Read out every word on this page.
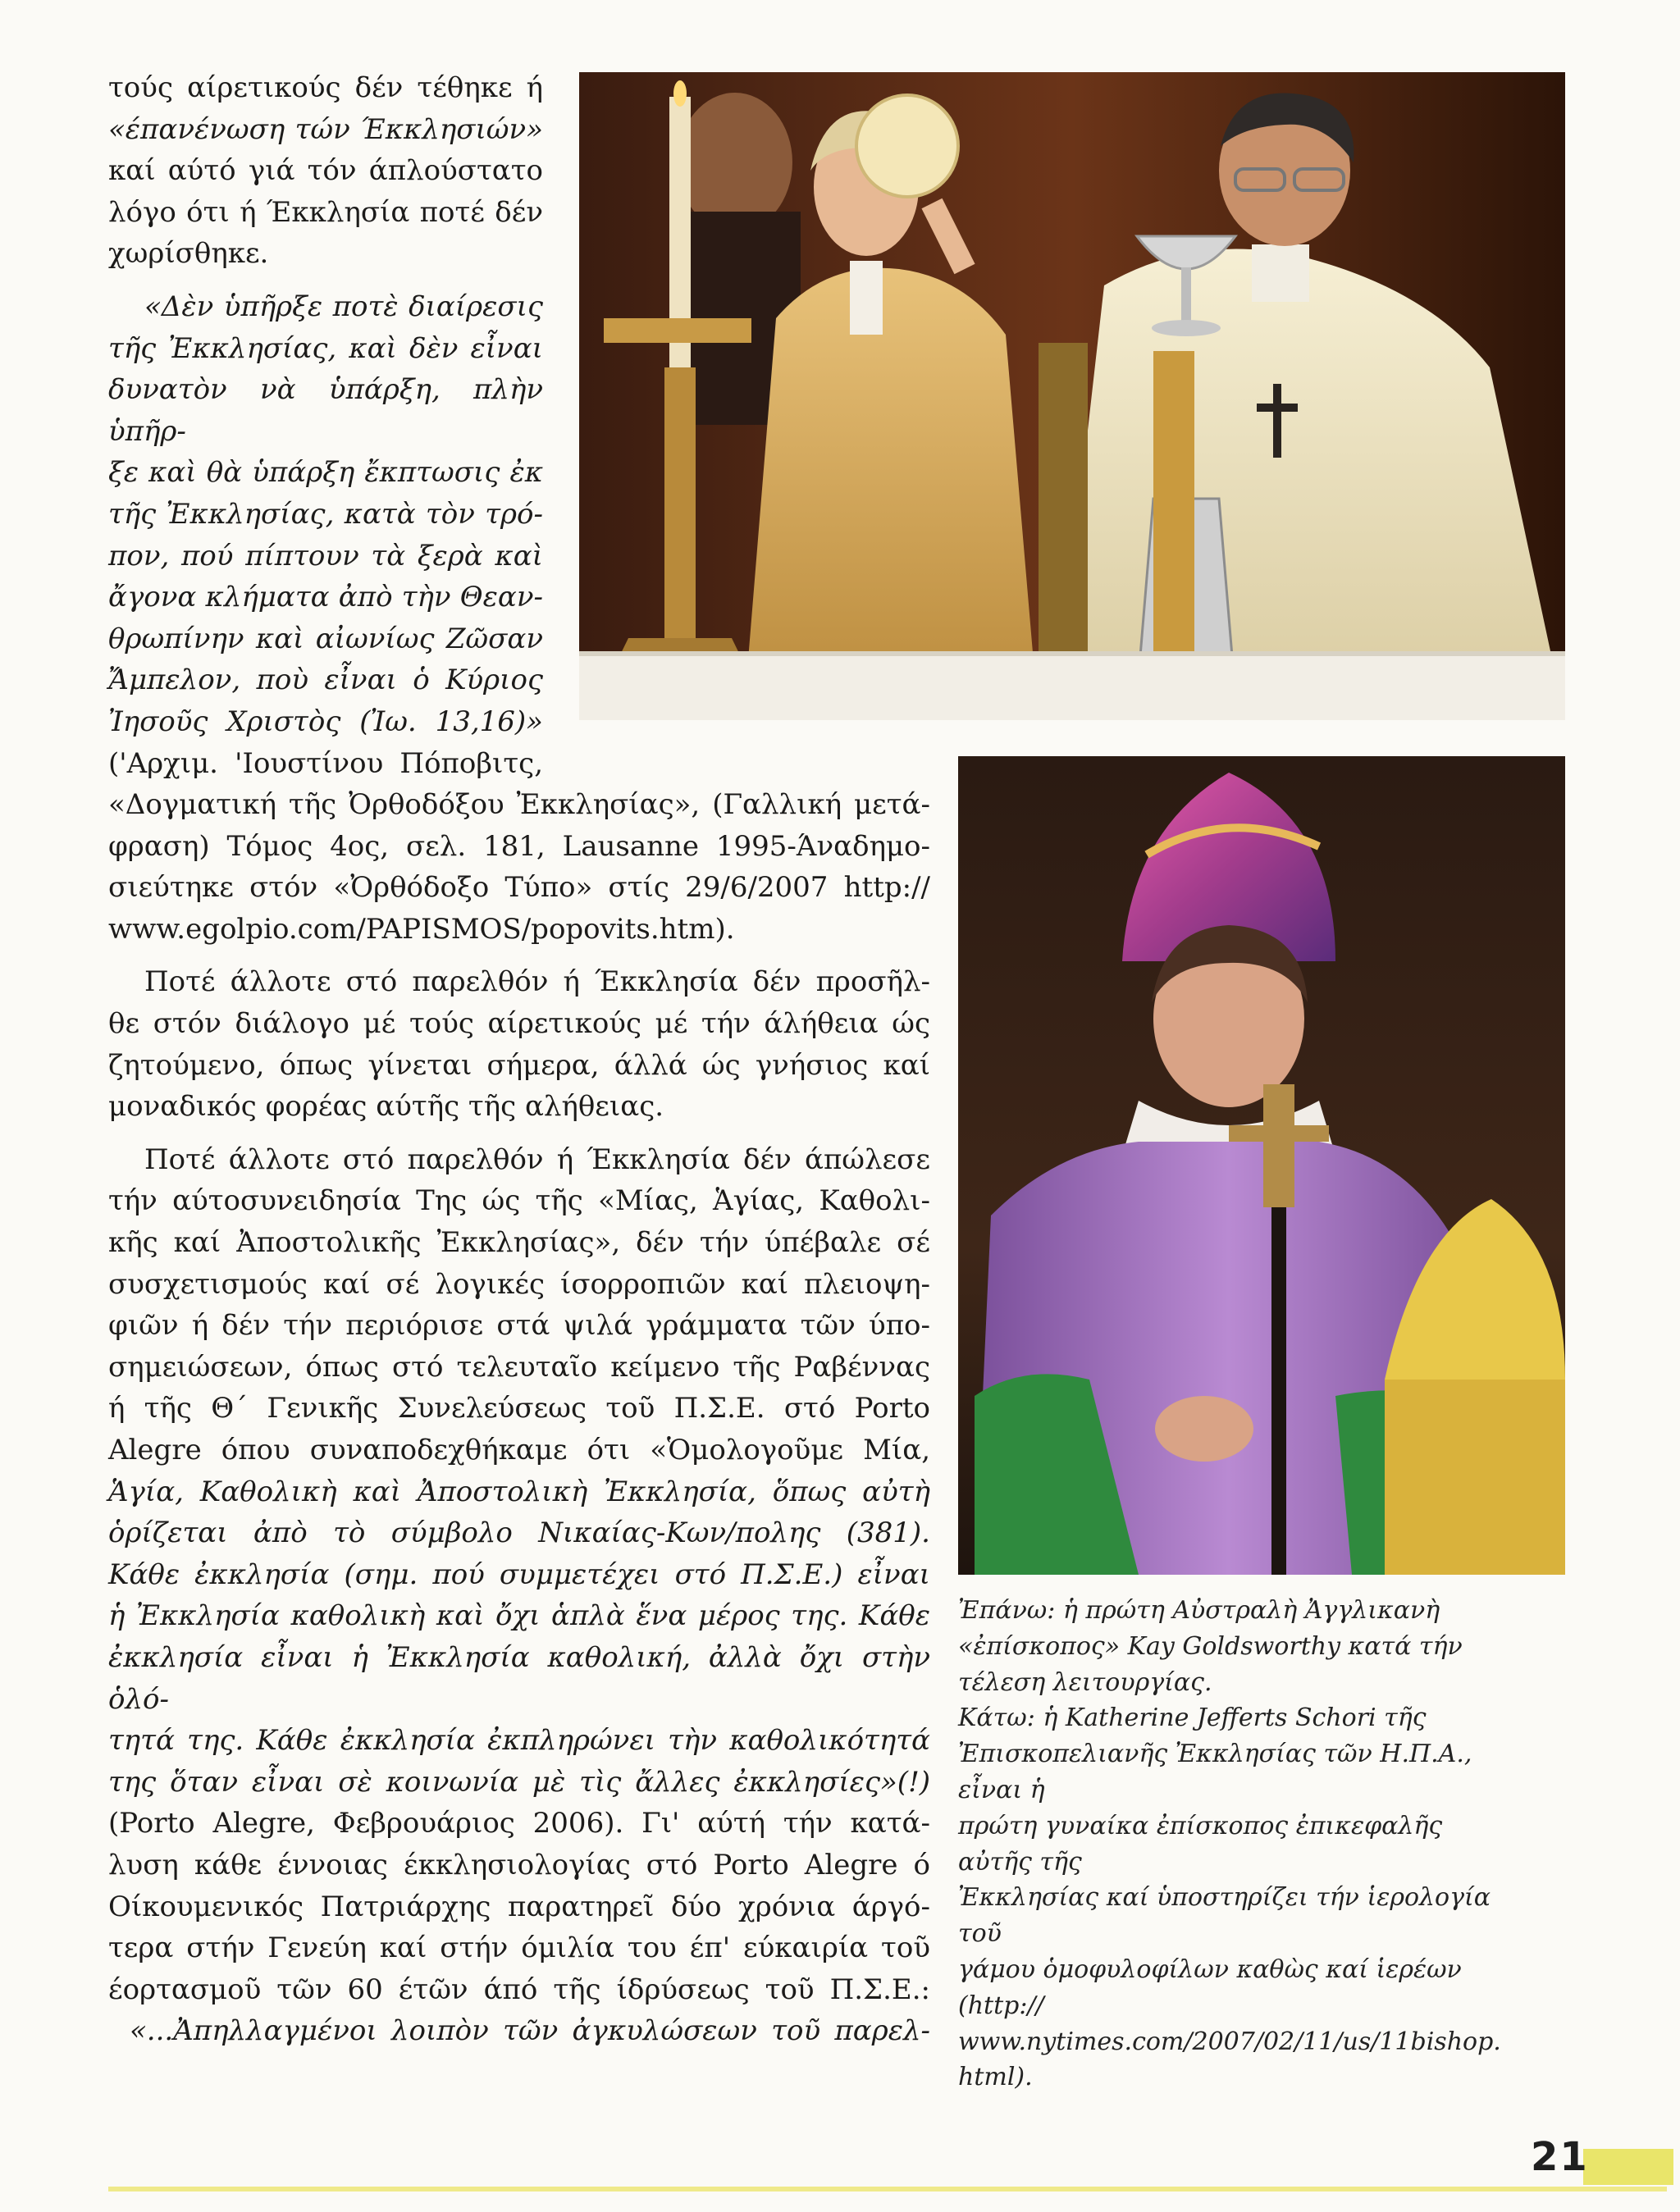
τούς αίρετικούς δέν τέθηκε ή

«έπανένωση τών Έκκλησιών»

καί αύτό γιά τόν άπλούστατο

λόγο ότι ή Έκκλησία ποτέ δέν

χωρίσθηκε.

«Δὲν ὑπῆρξε ποτὲ διαίρεσις

τῆς Ἐκκλησίας, καὶ δὲν εἶναι

δυνατὸν νὰ ὑπάρξη, πλὴν ὑπῆρ-

ξε καὶ θὰ ὑπάρξη ἔκπτωσις ἐκ

τῆς Ἐκκλησίας, κατὰ τὸν τρό-

πον, πού πίπτουν τὰ ξερὰ καὶ

ἄγονα κλήματα ἀπὸ τὴν Θεαν-

θρωπίνην καὶ αἰωνίως Ζῶσαν

Ἄμπελον, ποὺ εἶναι ὁ Κύριος

Ἰησοῦς Χριστὸς (Ἰω. 13,16)»

('Αρχιμ. 'Ιουστίνου Πόποβιτς,

«Δογματική τῆς Ὀρθοδόξου Ἐκκλησίας», (Γαλλική μετά-

φραση) Τόμος 4ος, σελ. 181, Lausanne 1995-Άναδημο-

σιεύτηκε στόν «Ὀρθόδοξο Τύπο» στίς 29/6/2007 http://

www.egolpio.com/PAPISMOS/popovits.htm).

Ποτέ άλλοτε στό παρελθόν ή Έκκλησία δέν προσῆλ-

θε στόν διάλογο μέ τούς αίρετικούς μέ τήν άλήθεια ώς

ζητούμενο, όπως γίνεται σήμερα, άλλά ώς γνήσιος καί

μοναδικός φορέας αύτῆς τῆς αλήθειας.

Ποτέ άλλοτε στό παρελθόν ή Έκκλησία δέν άπώλεσε

τήν αύτοσυνειδησία Της ώς τῆς «Μίας, Ἁγίας, Καθολι-

κῆς καί Ἀποστολικῆς Ἐκκλησίας», δέν τήν ύπέβαλε σέ

συσχετισμούς καί σέ λογικές ίσορροπιῶν καί πλειοψη-

φιῶν ή δέν τήν περιόρισε στά ψιλά γράμματα τῶν ύπο-

σημειώσεων, όπως στό τελευταῖο κείμενο τῆς Ραβέννας

ή τῆς Θ΄ Γενικῆς Συνελεύσεως τοῦ Π.Σ.Ε. στό Porto

Alegre όπου συναποδεχθήκαμε ότι «Ὁμολογοῦμε Μία,

Ἁγία, Καθολικὴ καὶ Ἀποστολικὴ Ἐκκλησία, ὅπως αὐτὴ

ὁρίζεται ἀπὸ τὸ σύμβολο Νικαίας-Κων/πολης (381).

Κάθε ἐκκλησία (σημ. πού συμμετέχει στό Π.Σ.Ε.) εἶναι

ἡ Ἐκκλησία καθολικὴ καὶ ὄχι ἁπλὰ ἕνα μέρος της. Κάθε

ἐκκλησία εἶναι ἡ Ἐκκλησία καθολική, ἀλλὰ ὄχι στὴν ὁλό-

τητά της. Κάθε ἐκκλησία ἐκπληρώνει τὴν καθολικότητά

της ὅταν εἶναι σὲ κοινωνία μὲ τὶς ἄλλες ἐκκλησίες»(!)

(Porto Alegre, Φεβρουάριος 2006). Γι' αύτή τήν κατά-

λυση κάθε έννοιας έκκλησιολογίας στό Porto Alegre ό

Οίκουμενικός Πατριάρχης παρατηρεῖ δύο χρόνια άργό-

τερα στήν Γενεύη καί στήν όμιλία του έπ' εύκαιρία τοῦ

έορτασμοῦ τῶν 60 έτῶν άπό τῆς ίδρύσεως τοῦ Π.Σ.Ε.:

«...Ἀπηλλαγμένοι λοιπὸν τῶν ἀγκυλώσεων τοῦ παρελ-

Ἐπάνω: ἡ πρώτη Αὐστραλὴ Ἀγγλικανὴ

«ἐπίσκοπος» Kay Goldsworthy κατά τήν

τέλεση λειτουργίας.

Κάτω: ἡ Katherine Jefferts Schori τῆς

Ἐπισκοπελιανῆς Ἐκκλησίας τῶν Η.Π.Α., εἶναι ἡ

πρώτη γυναίκα ἐπίσκοπος ἐπικεφαλῆς αὐτῆς τῆς

Ἐκκλησίας καί ὑποστηρίζει τήν ἱερολογία τοῦ

γάμου ὁμοφυλοφίλων καθὼς καί ἱερέων (http://

www.nytimes.com/2007/02/11/us/11bishop.

html).

21
